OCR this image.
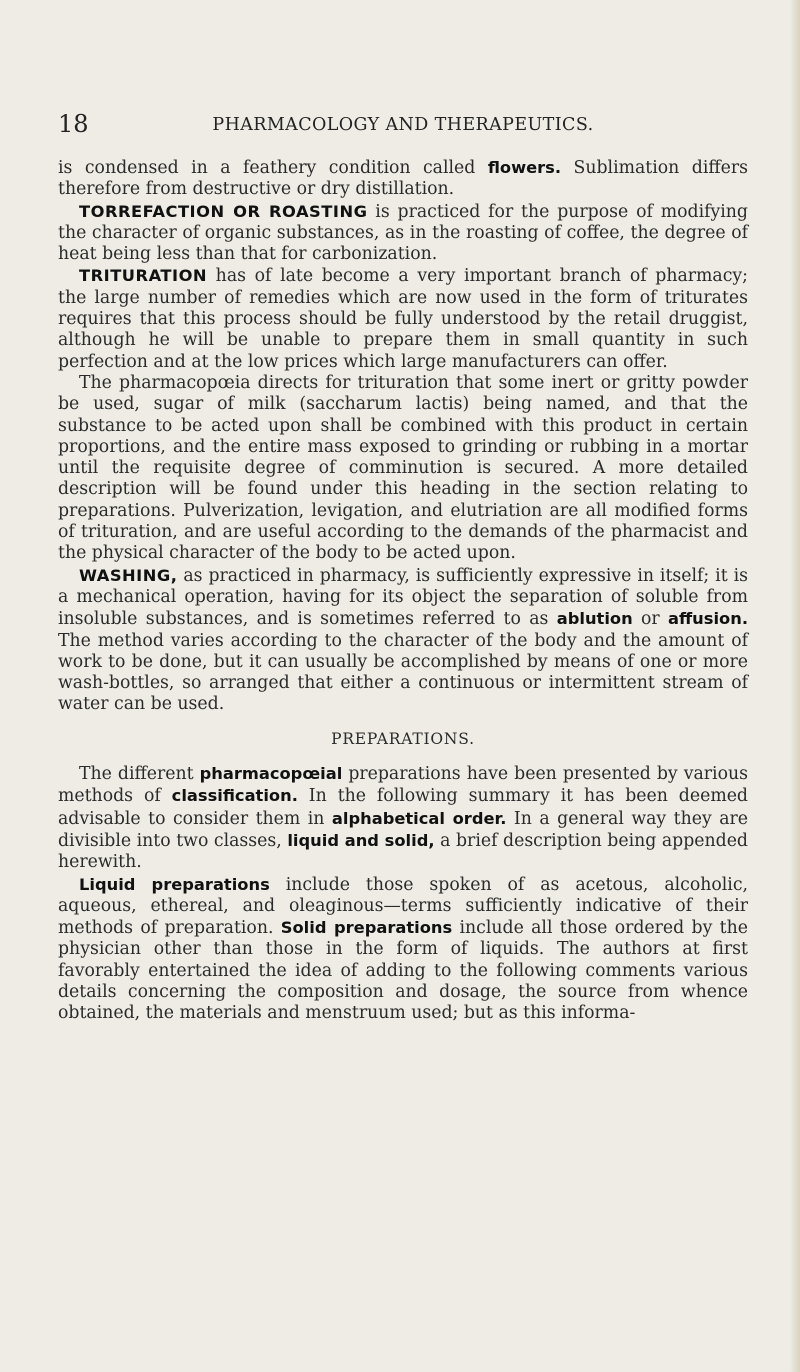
18	PHARMACOLOGY AND THERAPEUTICS.

is condensed in a feathery condition called flowers. Sublimation differs therefore from destructive or dry distillation.

TORREFACTION OR ROASTING is practiced for the purpose of modifying the character of organic substances, as in the roasting of coffee, the degree of heat being less than that for carbonization.

TRITURATION has of late become a very important branch of pharmacy; the large number of remedies which are now used in the form of triturates requires that this process should be fully understood by the retail druggist, although he will be unable to prepare them in small quantity in such perfection and at the low prices which large manufacturers can offer.

The pharmacopœia directs for trituration that some inert or gritty powder be used, sugar of milk (saccharum lactis) being named, and that the substance to be acted upon shall be combined with this product in certain proportions, and the entire mass exposed to grinding or rubbing in a mortar until the requisite degree of comminution is secured. A more detailed description will be found under this heading in the section relating to preparations. Pulverization, levigation, and elutriation are all modified forms of trituration, and are useful according to the demands of the pharmacist and the physical character of the body to be acted upon.

WASHING, as practiced in pharmacy, is sufficiently expressive in itself; it is a mechanical operation, having for its object the separation of soluble from insoluble substances, and is sometimes referred to as ablution or affusion. The method varies according to the character of the body and the amount of work to be done, but it can usually be accomplished by means of one or more wash-bottles, so arranged that either a continuous or intermittent stream of water can be used.

PREPARATIONS.

The different pharmacopœial preparations have been presented by various methods of classification. In the following summary it has been deemed advisable to consider them in alphabetical order. In a general way they are divisible into two classes, liquid and solid, a brief description being appended herewith.

Liquid preparations include those spoken of as acetous, alcoholic, aqueous, ethereal, and oleaginous—terms sufficiently indicative of their methods of preparation. Solid preparations include all those ordered by the physician other than those in the form of liquids. The authors at first favorably entertained the idea of adding to the following comments various details concerning the composition and dosage, the source from whence obtained, the materials and menstruum used; but as this informa-
